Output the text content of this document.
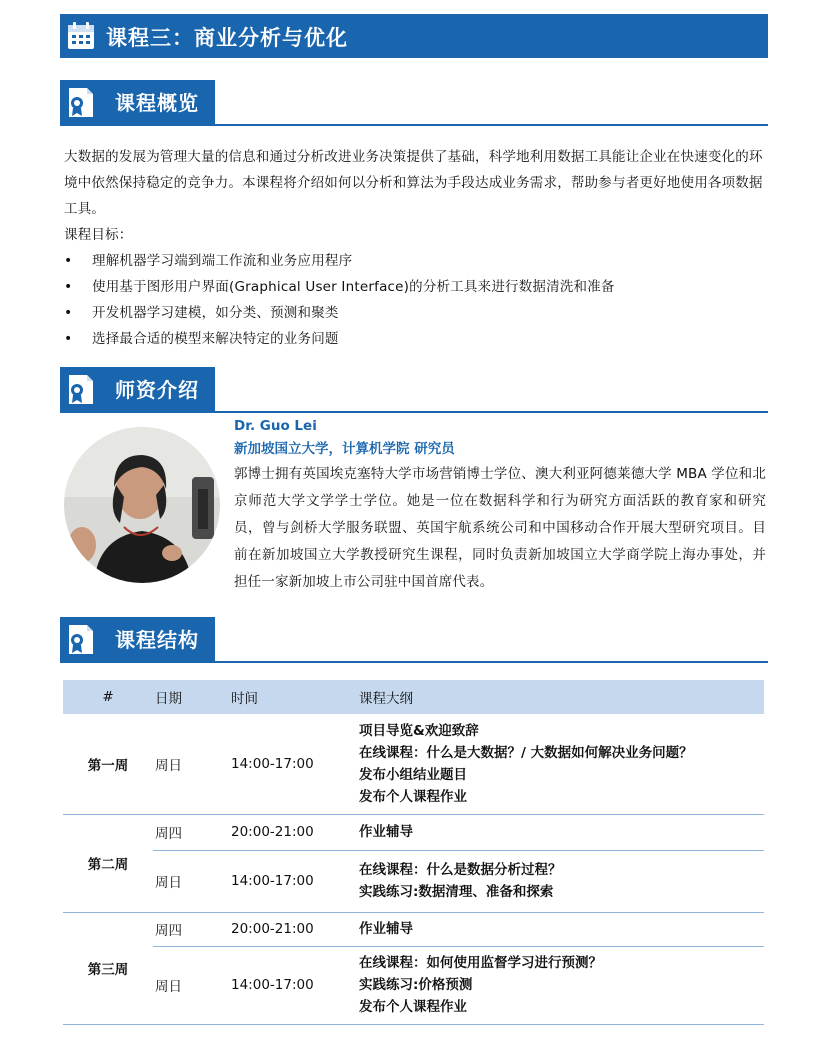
课程三：商业分析与优化
课程概览

大数据的发展为管理大量的信息和通过分析改进业务决策提供了基础，科学地利用数据工具能让企业在快速变化的环境中依然保持稳定的竞争力。本课程将介绍如何以分析和算法为手段达成业务需求，帮助参与者更好地使用各项数据工具。

课程目标：

• 理解机器学习端到端工作流和业务应用程序
• 使用基于图形用户界面(Graphical User Interface)的分析工具来进行数据清洗和准备
• 开发机器学习建模，如分类、预测和聚类
• 选择最合适的模型来解决特定的业务问题
师资介绍
Dr. Guo Lei
新加坡国立大学，计算机学院 研究员
郭博士拥有英国埃克塞特大学市场营销博士学位、澳大利亚阿德莱德大学 MBA 学位和北京师范大学文学学士学位。她是一位在数据科学和行为研究方面活跃的教育家和研究员，曾与剑桥大学服务联盟、英国宇航系统公司和中国移动合作开展大型研究项目。目前在新加坡国立大学教授研究生课程，同时负责新加坡国立大学商学院上海办事处，并担任一家新加坡上市公司驻中国首席代表。
课程结构
#	日期	时间	课程大纲
第一周	周日	14:00-17:00	项目导览&欢迎致辞
在线课程：什么是大数据？/ 大数据如何解决业务问题？
发布小组结业题目
发布个人课程作业

第二周	周四	20:00-21:00	作业辅导

	周日	14:00-17:00	在线课程：什么是数据分析过程？
实践练习:数据清理、准备和探索

第三周	周四	20:00-21:00	作业辅导

	周日	14:00-17:00	在线课程：如何使用监督学习进行预测？
实践练习:价格预测
发布个人课程作业
